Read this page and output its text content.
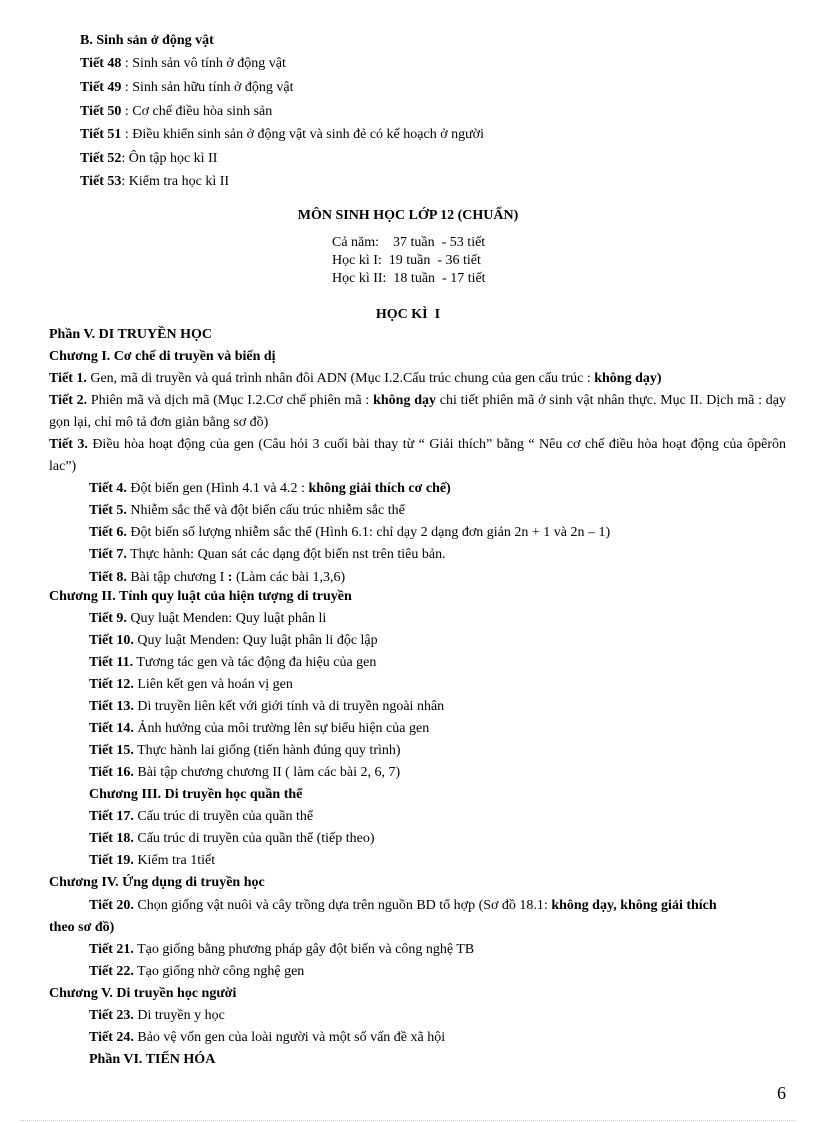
B. Sinh sản ở động vật
Tiết 48 : Sinh sản vô tính ở động vật
Tiết 49 : Sinh sản hữu tính ở động vật
Tiết 50 : Cơ chế điều hòa sinh sản
Tiết 51 : Điều khiển sinh sản ở động vật và sinh đẻ có kế hoạch ở người
Tiết 52: Ôn tập học kì II
Tiết 53: Kiểm tra học kì II
MÔN SINH HỌC LỚP 12 (CHUẨN)
Cả năm:    37 tuần  - 53 tiết
Học kì I:  19 tuần  - 36 tiết
Học kì II:  18 tuần  - 17 tiết
HỌC KÌ  I
Phần V. DI TRUYỀN HỌC
Chương I. Cơ chế di truyền và biến dị
Tiết 1. Gen, mã di truyền và quá trình nhân đôi ADN (Mục I.2.Cấu trúc chung của gen cấu trúc : không dạy)
Tiết 2. Phiên mã và dịch mã (Mục I.2.Cơ chế phiên mã : không dạy chi tiết phiên mã ở sinh vật nhân thực. Mục II. Dịch mã : dạy gọn lại, chỉ mô tả đơn giản bằng sơ đồ)
Tiết 3. Điều hòa hoạt động của gen (Câu hỏi 3 cuối bài thay từ “ Giải thích” bằng “ Nêu cơ chế điều hòa hoạt động của ôpêrôn lac”)
Tiết 4. Đột biến gen (Hình 4.1 và 4.2 : không giải thích cơ chế)
Tiết 5. Nhiễm sắc thể và đột biến cấu trúc nhiễm sắc thể
Tiết 6. Đột biến số lượng nhiễm sắc thể (Hình 6.1: chỉ dạy 2 dạng đơn giản 2n + 1 và 2n – 1)
Tiết 7. Thực hành: Quan sát các dạng đột biến nst trên tiêu bản.
Tiết 8. Bài tập chương I : (Làm các bài 1,3,6)
Chương II. Tính quy luật của hiện tượng di truyền
Tiết 9. Quy luật Menden: Quy luật phân li
Tiết 10. Quy luật Menden: Quy luật phân li độc lập
Tiết 11. Tương tác gen và tác động đa hiệu của gen
Tiết 12. Liên kết gen và hoán vị gen
Tiết 13. Di truyền liên kết với giới tính và di truyền ngoài nhân
Tiết 14. Ảnh hưởng của môi trường lên sự biểu hiện của gen
Tiết 15. Thực hành lai giống (tiến hành đúng quy trình)
Tiết 16. Bài tập chương chương II ( làm các bài 2, 6, 7)
Chương III. Di truyền học quần thể
Tiết 17. Cấu trúc di truyền của quần thể
Tiết 18. Cấu trúc di truyền của quần thể (tiếp theo)
Tiết 19. Kiểm tra 1tiết
Chương IV. Ứng dụng di truyền học
Tiết 20. Chọn giống vật nuôi và cây trồng dựa trên nguồn BD tổ hợp (Sơ đồ 18.1: không dạy, không giải thích
theo sơ đồ)
Tiết 21. Tạo giống bằng phương pháp gây đột biến và công nghệ TB
Tiết 22. Tạo giống nhờ công nghệ gen
Chương V. Di truyền học người
Tiết 23. Di truyền y học
Tiết 24. Bảo vệ vốn gen của loài người và một số vấn đề xã hội
Phần VI. TIẾN HÓA
6
